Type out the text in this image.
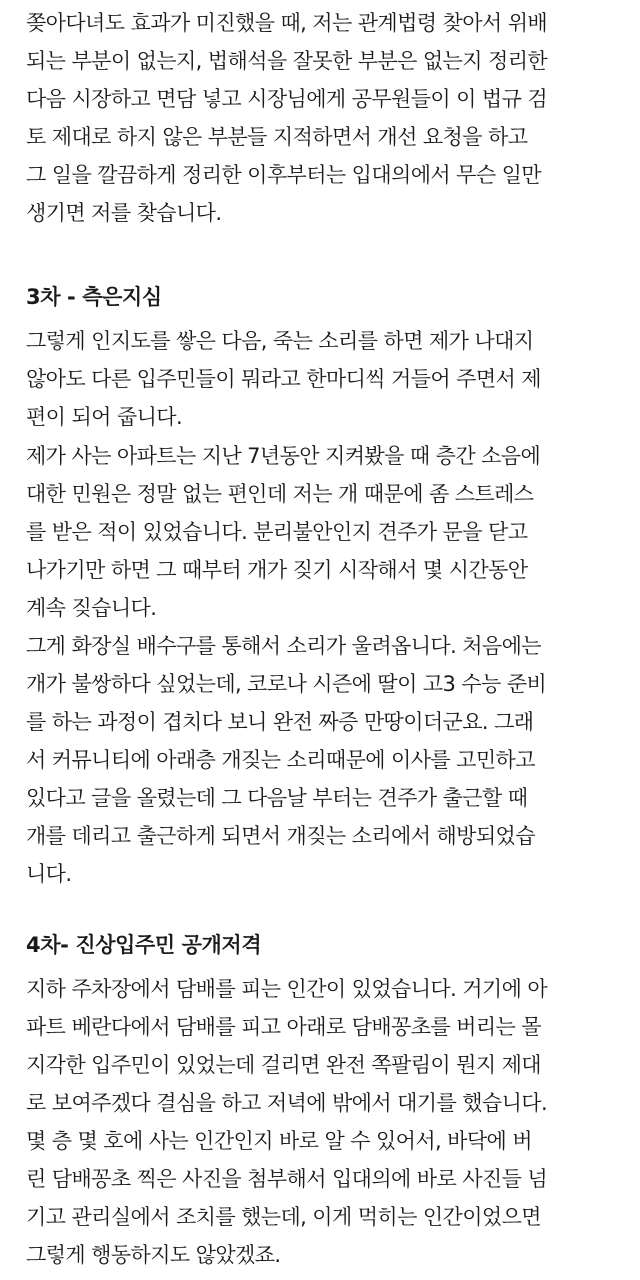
쫒아다녀도 효과가 미진했을 때, 저는 관계법령 찾아서 위배
되는 부분이 없는지, 법해석을 잘못한 부분은 없는지 정리한
다음 시장하고 면담 넣고 시장님에게 공무원들이 이 법규 검
토 제대로 하지 않은 부분들 지적하면서 개선 요청을 하고
그 일을 깔끔하게 정리한 이후부터는 입대의에서 무슨 일만
생기면 저를 찾습니다.

3차 - 측은지심

그렇게 인지도를 쌓은 다음, 죽는 소리를 하면 제가 나대지
않아도 다른 입주민들이 뭐라고 한마디씩 거들어 주면서 제
편이 되어 줍니다.

제가 사는 아파트는 지난 7년동안 지켜봤을 때 층간 소음에
대한 민원은 정말 없는 편인데 저는 개 때문에 좀 스트레스
를 받은 적이 있었습니다. 분리불안인지 견주가 문을 닫고
나가기만 하면 그 때부터 개가 짖기 시작해서 몇 시간동안
계속 짖습니다.

그게 화장실 배수구를 통해서 소리가 울려옵니다. 처음에는
개가 불쌍하다 싶었는데, 코로나 시즌에 딸이 고3 수능 준비
를 하는 과정이 겹치다 보니 완전 짜증 만땅이더군요. 그래
서 커뮤니티에 아래층 개짖는 소리때문에 이사를 고민하고
있다고 글을 올렸는데 그 다음날 부터는 견주가 출근할 때
개를 데리고 출근하게 되면서 개짖는 소리에서 해방되었습
니다.

4차- 진상입주민 공개저격

지하 주차장에서 담배를 피는 인간이 있었습니다. 거기에 아
파트 베란다에서 담배를 피고 아래로 담배꽁초를 버리는 몰
지각한 입주민이 있었는데 걸리면 완전 쪽팔림이 뭔지 제대
로 보여주겠다 결심을 하고 저녁에 밖에서 대기를 했습니다.

몇 층 몇 호에 사는 인간인지 바로 알 수 있어서, 바닥에 버
린 담배꽁초 찍은 사진을 첨부해서 입대의에 바로 사진들 넘
기고 관리실에서 조치를 했는데, 이게 먹히는 인간이었으면
그렇게 행동하지도 않았겠죠.
